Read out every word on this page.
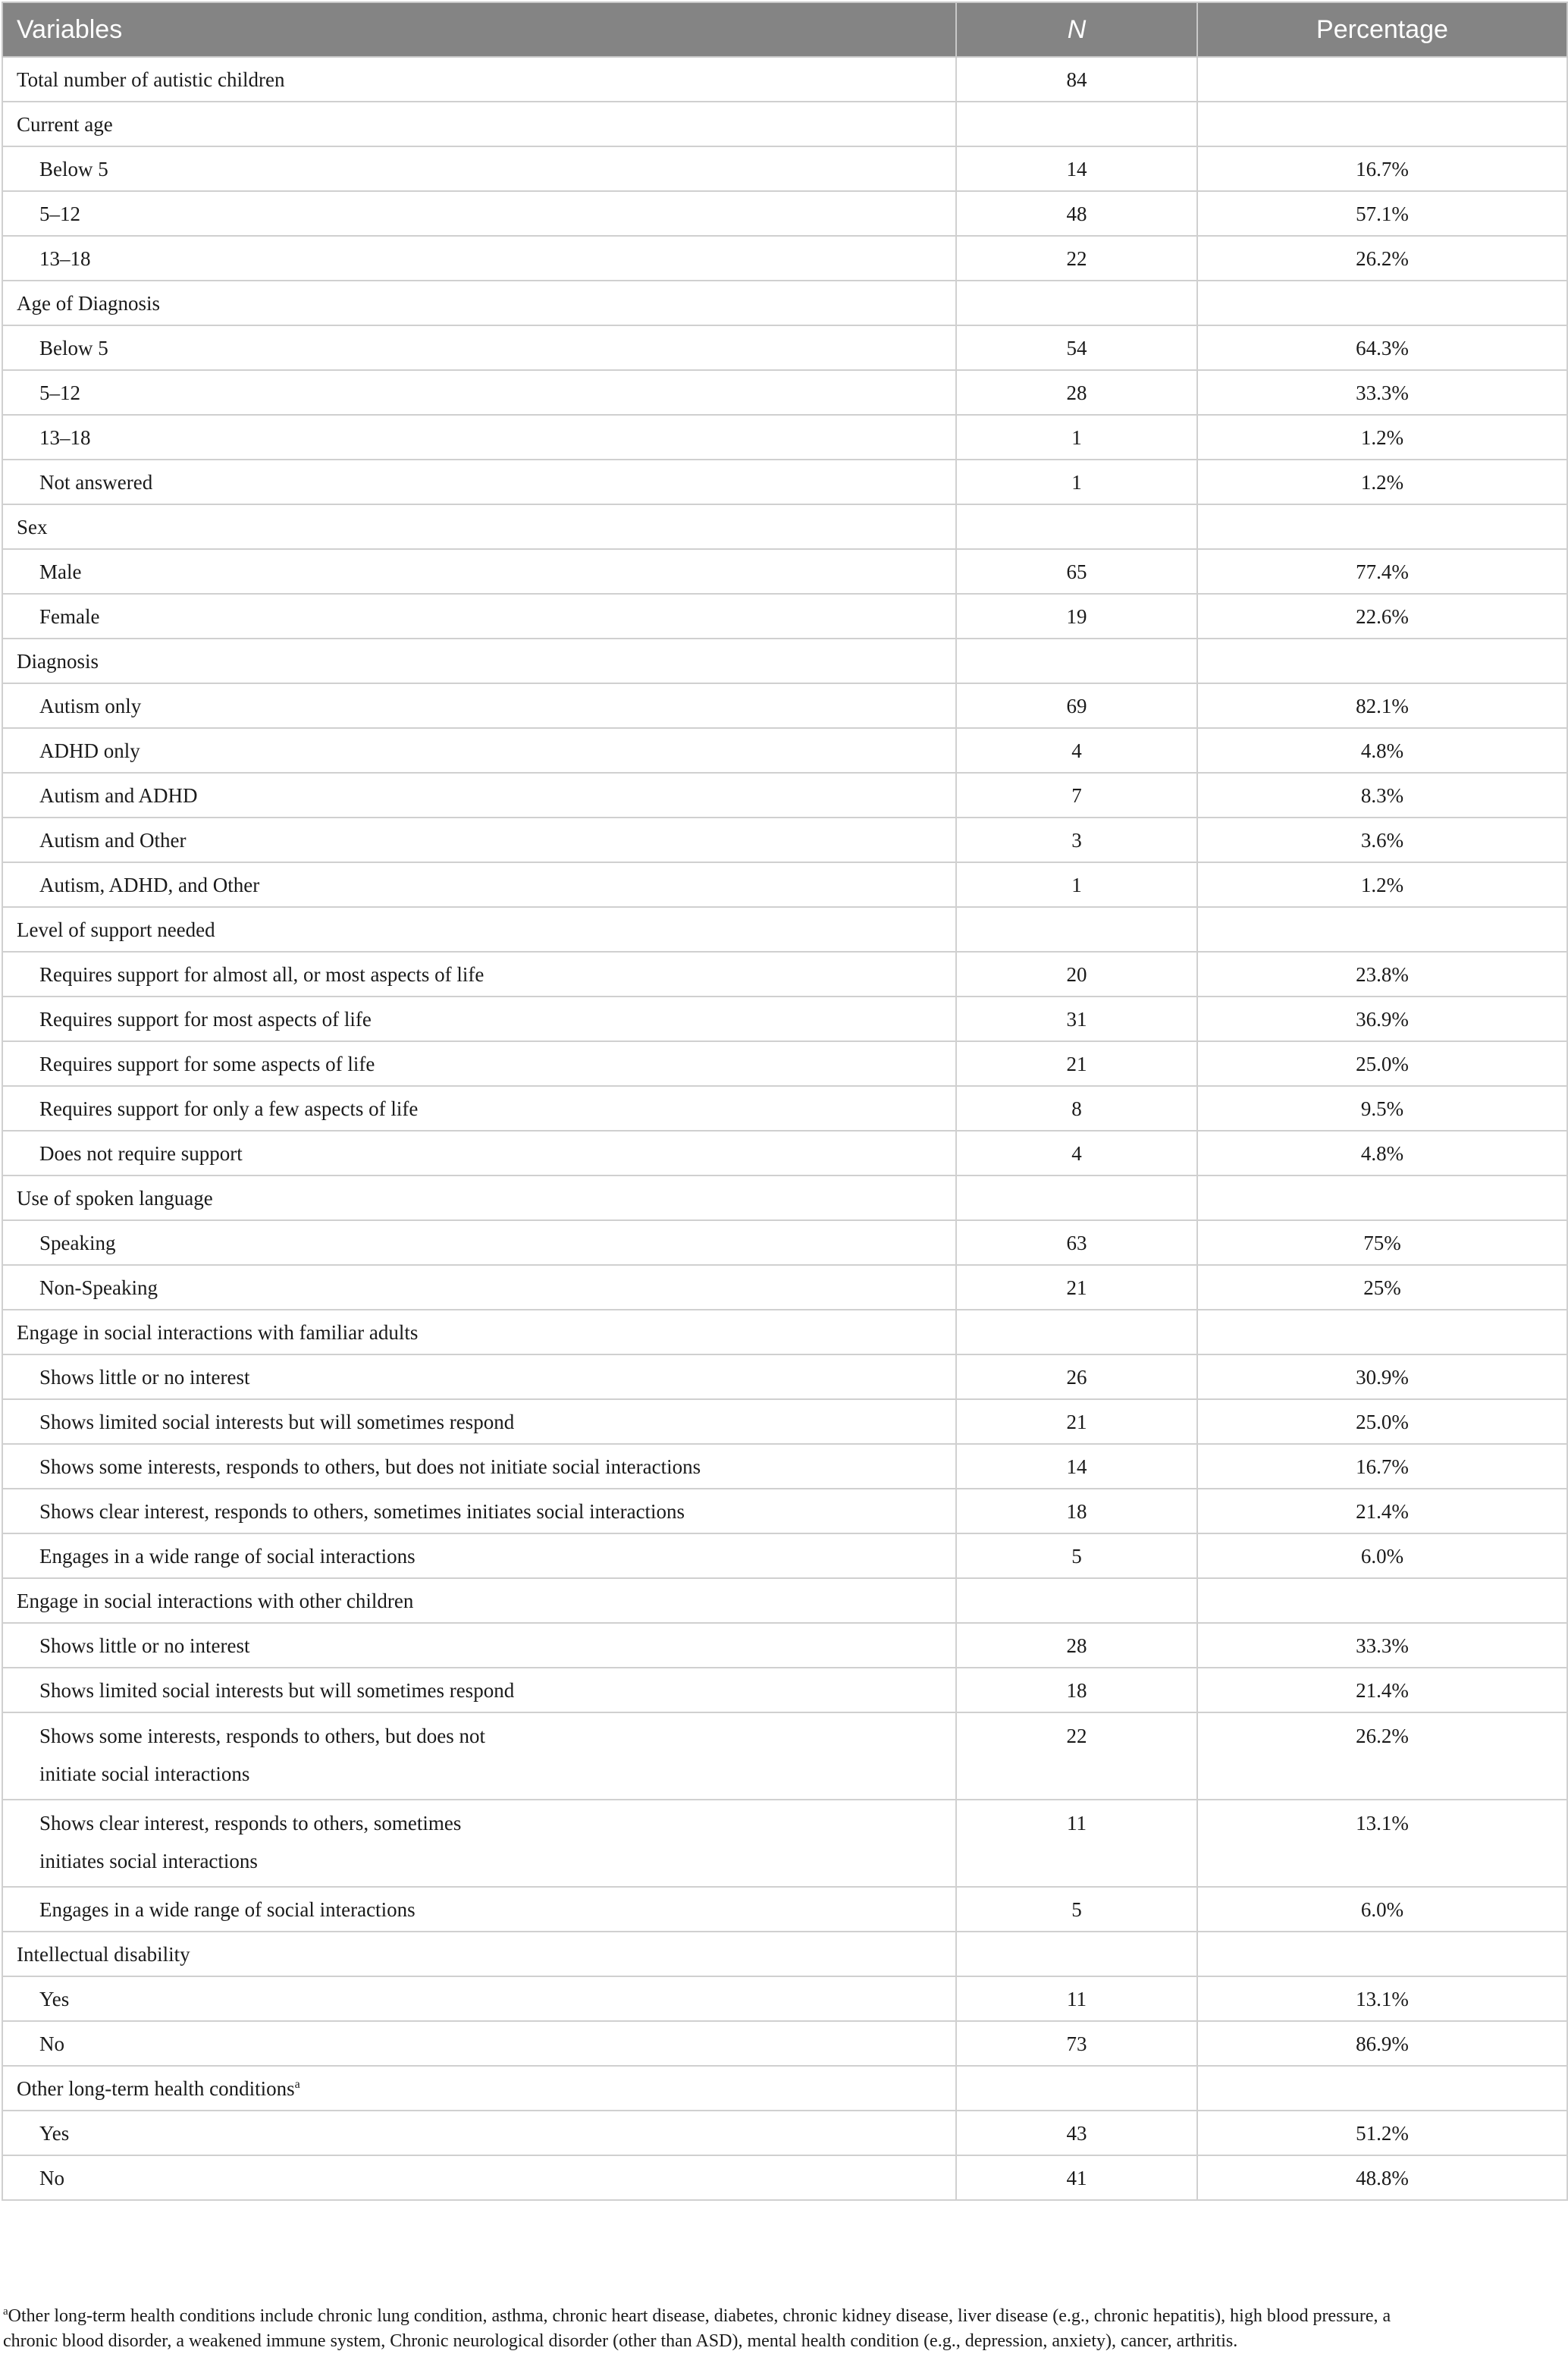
Variables	N	Percentage
Total number of autistic children	84	
Current age		
Below 5	14	16.7%
5–12	48	57.1%
13–18	22	26.2%
Age of Diagnosis		
Below 5	54	64.3%
5–12	28	33.3%
13–18	1	1.2%
Not answered	1	1.2%
Sex		
Male	65	77.4%
Female	19	22.6%
Diagnosis		
Autism only	69	82.1%
ADHD only	4	4.8%
Autism and ADHD	7	8.3%
Autism and Other	3	3.6%
Autism, ADHD, and Other	1	1.2%
Level of support needed		
Requires support for almost all, or most aspects of life	20	23.8%
Requires support for most aspects of life	31	36.9%
Requires support for some aspects of life	21	25.0%
Requires support for only a few aspects of life	8	9.5%
Does not require support	4	4.8%
Use of spoken language		
Speaking	63	75%
Non-Speaking	21	25%
Engage in social interactions with familiar adults		
Shows little or no interest	26	30.9%
Shows limited social interests but will sometimes respond	21	25.0%
Shows some interests, responds to others, but does not initiate social interactions	14	16.7%
Shows clear interest, responds to others, sometimes initiates social interactions	18	21.4%
Engages in a wide range of social interactions	5	6.0%
Engage in social interactions with other children		
Shows little or no interest	28	33.3%
Shows limited social interests but will sometimes respond	18	21.4%
Shows some interests, responds to others, but does not
initiate social interactions	22	26.2%
Shows clear interest, responds to others, sometimes
initiates social interactions	11	13.1%
Engages in a wide range of social interactions	5	6.0%
Intellectual disability		
Yes	11	13.1%
No	73	86.9%
Other long-term health conditions$^a$		
Yes	43	51.2%
No	41	48.8%
$^a$Other long-term health conditions include chronic lung condition, asthma, chronic heart disease, diabetes, chronic kidney disease, liver disease (e.g., chronic hepatitis), high blood pressure, a
chronic blood disorder, a weakened immune system, Chronic neurological disorder (other than ASD), mental health condition (e.g., depression, anxiety), cancer, arthritis.
